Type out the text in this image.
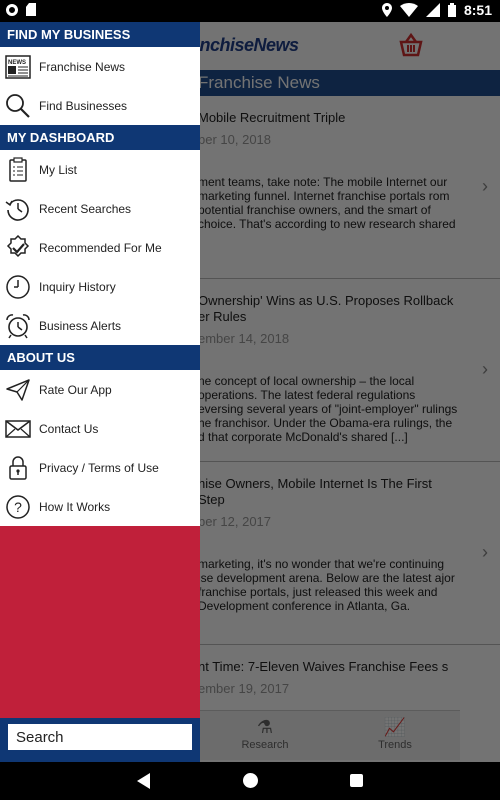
8:51
FIND MY BUSINESS
NEWS Franchise News
Find Businesses
MY DASHBOARD
My List
Recent Searches
Recommended For Me
Inquiry History
Business Alerts
ABOUT US
Rate Our App
Contact Us
Privacy / Terms of Use
? How It Works
Search
